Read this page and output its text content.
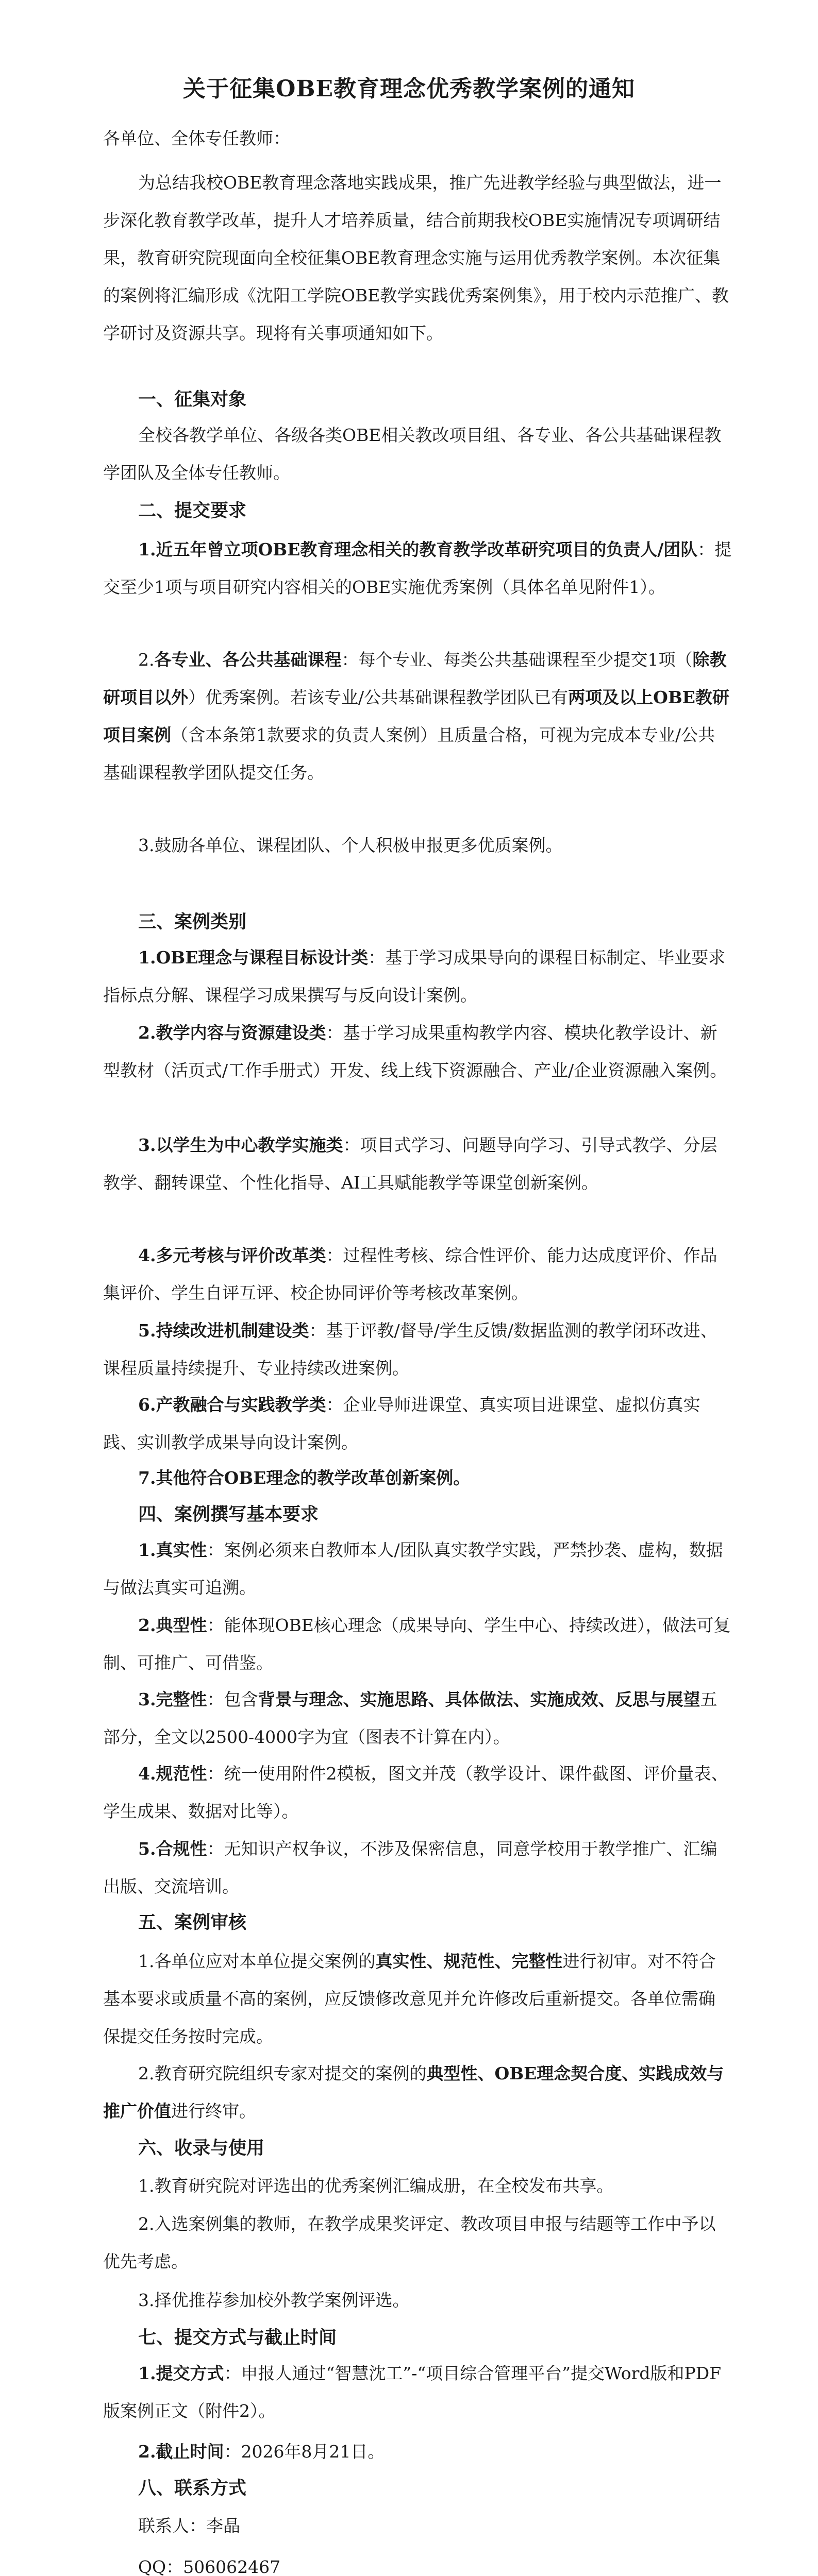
关于征集OBE教育理念优秀教学案例的通知

各单位、全体专任教师：

为总结我校OBE教育理念落地实践成果，推广先进教学经验与典型做法，进一步深化教育教学改革，提升人才培养质量，结合前期我校OBE实施情况专项调研结果，教育研究院现面向全校征集OBE教育理念实施与运用优秀教学案例。本次征集的案例将汇编形成《沈阳工学院OBE教学实践优秀案例集》，用于校内示范推广、教学研讨及资源共享。现将有关事项通知如下。

一、征集对象

全校各教学单位、各级各类OBE相关教改项目组、各专业、各公共基础课程教学团队及全体专任教师。

二、提交要求

1.近五年曾立项OBE教育理念相关的教育教学改革研究项目的负责人/团队：提交至少1项与项目研究内容相关的OBE实施优秀案例（具体名单见附件1）。

2.各专业、各公共基础课程：每个专业、每类公共基础课程至少提交1项（除教研项目以外）优秀案例。若该专业/公共基础课程教学团队已有两项及以上OBE教研项目案例（含本条第1款要求的负责人案例）且质量合格，可视为完成本专业/公共基础课程教学团队提交任务。

3.鼓励各单位、课程团队、个人积极申报更多优质案例。

三、案例类别

1.OBE理念与课程目标设计类：基于学习成果导向的课程目标制定、毕业要求指标点分解、课程学习成果撰写与反向设计案例。

2.教学内容与资源建设类：基于学习成果重构教学内容、模块化教学设计、新型教材（活页式/工作手册式）开发、线上线下资源融合、产业/企业资源融入案例。

3.以学生为中心教学实施类：项目式学习、问题导向学习、引导式教学、分层教学、翻转课堂、个性化指导、AI工具赋能教学等课堂创新案例。

4.多元考核与评价改革类：过程性考核、综合性评价、能力达成度评价、作品集评价、学生自评互评、校企协同评价等考核改革案例。

5.持续改进机制建设类：基于评教/督导/学生反馈/数据监测的教学闭环改进、课程质量持续提升、专业持续改进案例。

6.产教融合与实践教学类：企业导师进课堂、真实项目进课堂、虚拟仿真实践、实训教学成果导向设计案例。

7.其他符合OBE理念的教学改革创新案例。

四、案例撰写基本要求

1.真实性：案例必须来自教师本人/团队真实教学实践，严禁抄袭、虚构，数据与做法真实可追溯。

2.典型性：能体现OBE核心理念（成果导向、学生中心、持续改进），做法可复制、可推广、可借鉴。

3.完整性：包含背景与理念、实施思路、具体做法、实施成效、反思与展望五部分，全文以2500-4000字为宜（图表不计算在内）。

4.规范性：统一使用附件2模板，图文并茂（教学设计、课件截图、评价量表、学生成果、数据对比等）。

5.合规性：无知识产权争议，不涉及保密信息，同意学校用于教学推广、汇编出版、交流培训。

五、案例审核

1.各单位应对本单位提交案例的真实性、规范性、完整性进行初审。对不符合基本要求或质量不高的案例，应反馈修改意见并允许修改后重新提交。各单位需确保提交任务按时完成。

2.教育研究院组织专家对提交的案例的典型性、OBE理念契合度、实践成效与推广价值进行终审。

六、收录与使用

1.教育研究院对评选出的优秀案例汇编成册，在全校发布共享。

2.入选案例集的教师，在教学成果奖评定、教改项目申报与结题等工作中予以优先考虑。

3.择优推荐参加校外教学案例评选。

七、提交方式与截止时间

1.提交方式：申报人通过“智慧沈工”-“项目综合管理平台”提交Word版和PDF版案例正文（附件2）。

2.截止时间：2026年8月21日。

八、联系方式

联系人：李晶

QQ：506062467
